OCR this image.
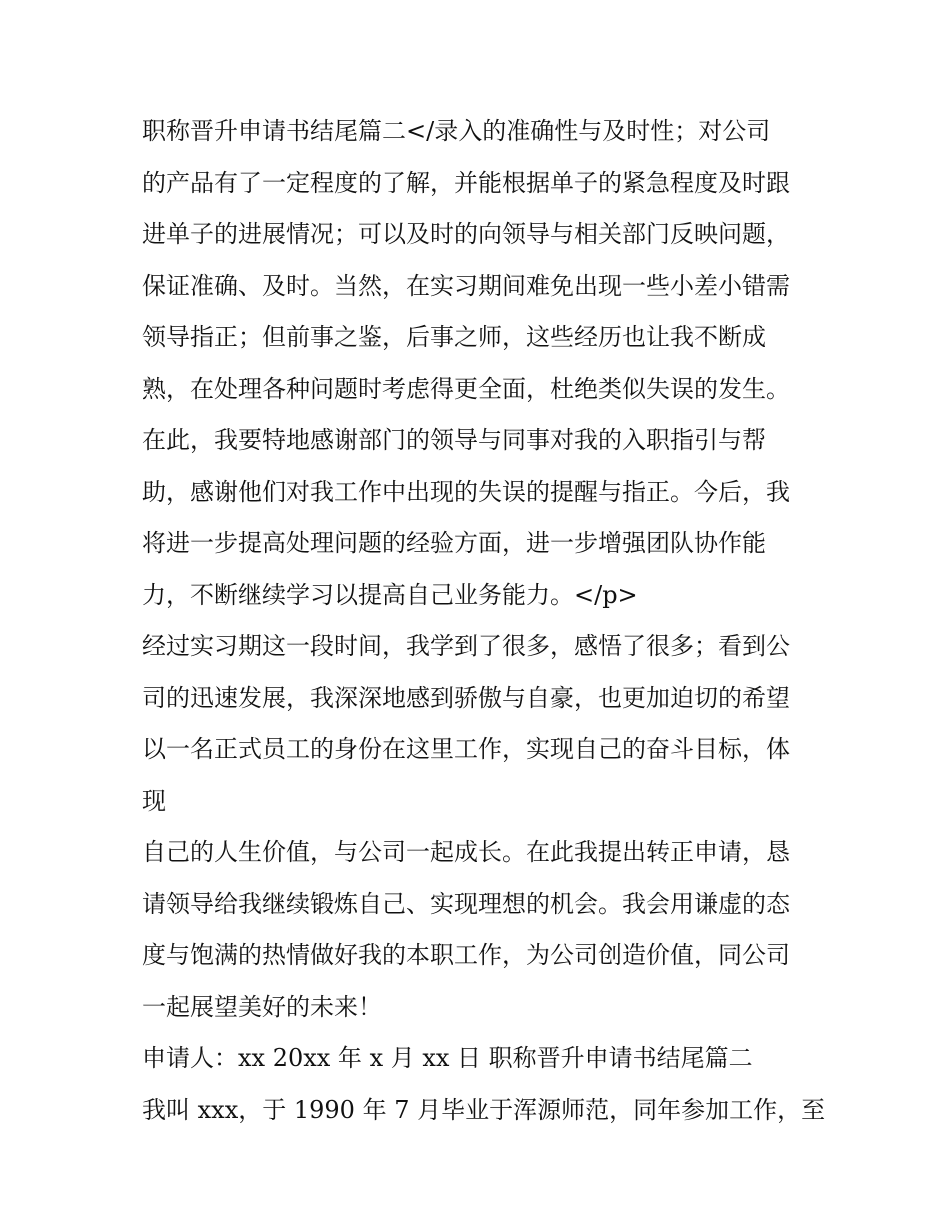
职称晋升申请书结尾篇二</录入的准确性与及时性；对公司
的产品有了一定程度的了解，并能根据单子的紧急程度及时跟
进单子的进展情况；可以及时的向领导与相关部门反映问题，
保证准确、及时。当然，在实习期间难免出现一些小差小错需
领导指正；但前事之鉴，后事之师，这些经历也让我不断成
熟，在处理各种问题时考虑得更全面，杜绝类似失误的发生。
在此，我要特地感谢部门的领导与同事对我的入职指引与帮
助，感谢他们对我工作中出现的失误的提醒与指正。今后，我
将进一步提高处理问题的经验方面，进一步增强团队协作能
力，不断继续学习以提高自己业务能力。</p>
经过实习期这一段时间，我学到了很多，感悟了很多；看到公
司的迅速发展，我深深地感到骄傲与自豪，也更加迫切的希望
以一名正式员工的身份在这里工作，实现自己的奋斗目标，体
现
自己的人生价值，与公司一起成长。在此我提出转正申请，恳
请领导给我继续锻炼自己、实现理想的机会。我会用谦虚的态
度与饱满的热情做好我的本职工作，为公司创造价值，同公司
一起展望美好的未来！
申请人：xx 20xx 年 x 月 xx 日 职称晋升申请书结尾篇二
我叫 xxx，于 1990 年 7 月毕业于浑源师范，同年参加工作，至
